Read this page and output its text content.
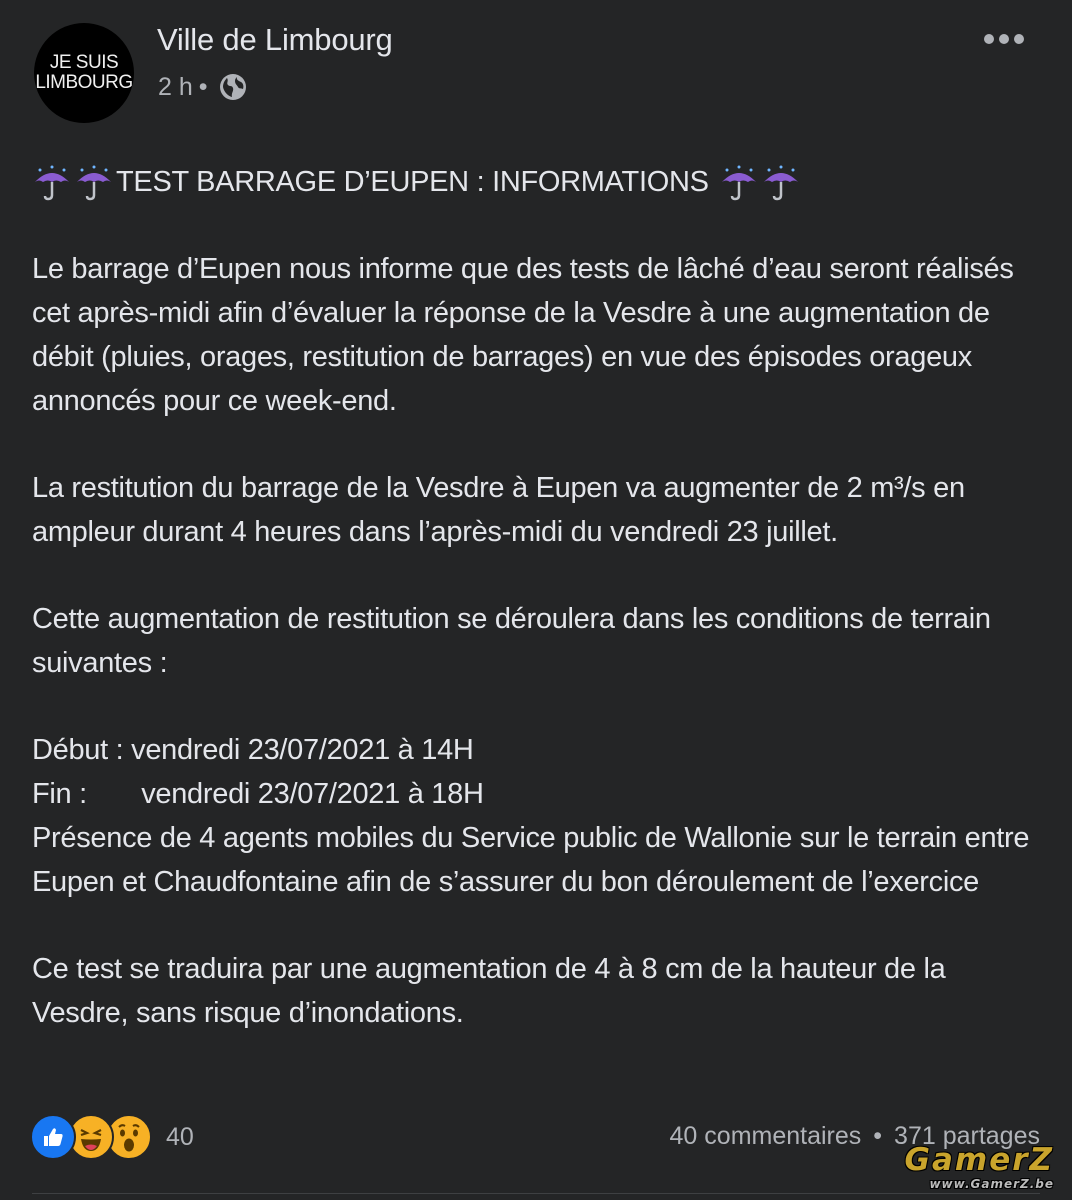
JE SUIS
LIMBOURG
Ville de Limbourg
2 h •
TEST BARRAGE D’EUPEN : INFORMATIONS

Le barrage d’Eupen nous informe que des tests de lâché d’eau seront réalisés cet après-midi afin d’évaluer la réponse de la Vesdre à une augmentation de débit (pluies, orages, restitution de barrages) en vue des épisodes orageux annoncés pour ce week-end.

La restitution du barrage de la Vesdre à Eupen va augmenter de 2 m³/s en ampleur durant 4 heures dans l’après-midi du vendredi 23 juillet.

Cette augmentation de restitution se déroulera dans les conditions de terrain suivantes :

Début : vendredi 23/07/2021 à 14H
Fin :       vendredi 23/07/2021 à 18H
Présence de 4 agents mobiles du Service public de Wallonie sur le terrain entre Eupen et Chaudfontaine afin de s’assurer du bon déroulement de l’exercice

Ce test se traduira par une augmentation de 4 à 8 cm de la hauteur de la Vesdre, sans risque d’inondations.

40	40 commentaires • 371 partages
GamerZ
www.GamerZ.be
